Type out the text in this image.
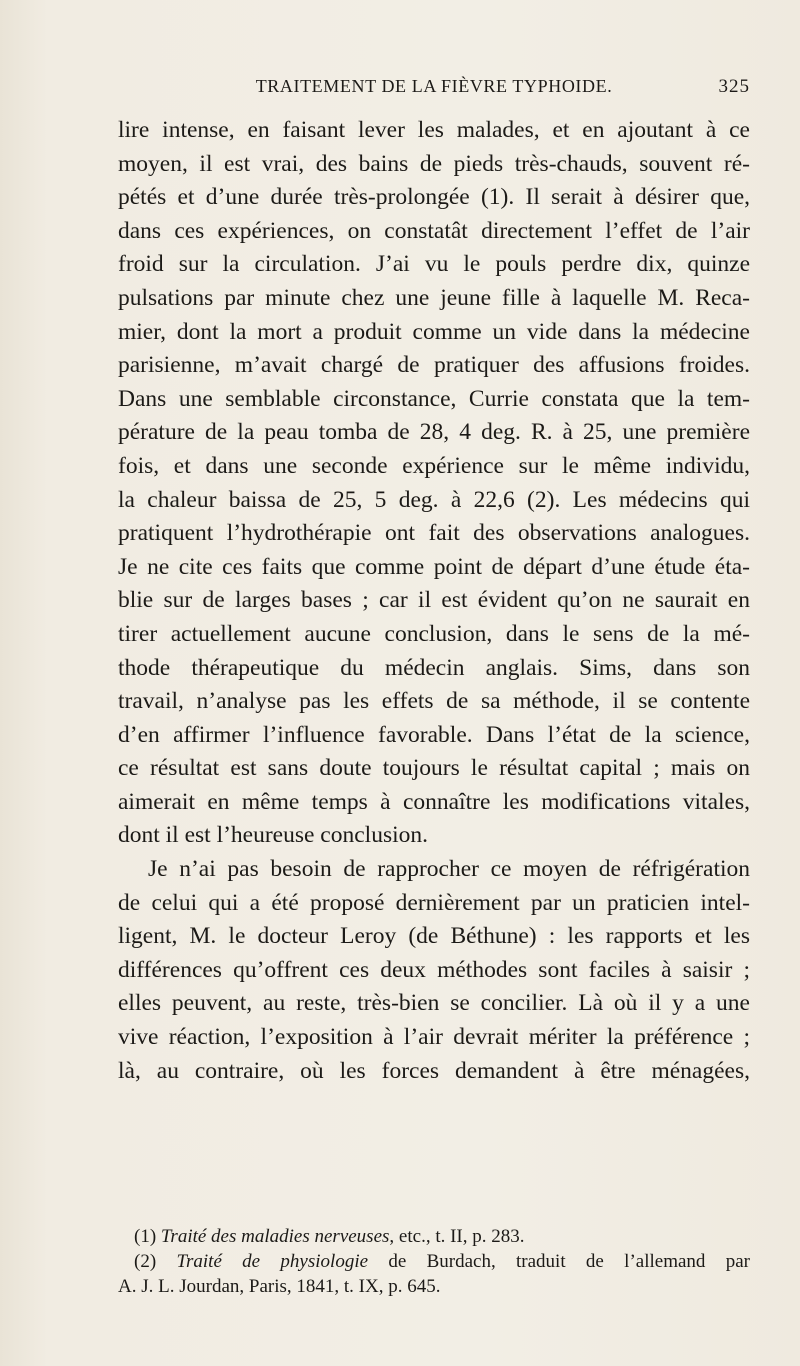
TRAITEMENT DE LA FIÈVRE TYPHOIDE.	325
lire intense, en faisant lever les malades, et en ajoutant à ce
moyen, il est vrai, des bains de pieds très-chauds, souvent ré-
pétés et d’une durée très-prolongée (1). Il serait à désirer que,
dans ces expériences, on constatât directement l’effet de l’air
froid sur la circulation. J’ai vu le pouls perdre dix, quinze
pulsations par minute chez une jeune fille à laquelle M. Reca-
mier, dont la mort a produit comme un vide dans la médecine
parisienne, m’avait chargé de pratiquer des affusions froides.
Dans une semblable circonstance, Currie constata que la tem-
pérature de la peau tomba de 28, 4 deg. R. à 25, une première
fois, et dans une seconde expérience sur le même individu,
la chaleur baissa de 25, 5 deg. à 22,6 (2). Les médecins qui
pratiquent l’hydrothérapie ont fait des observations analogues.
Je ne cite ces faits que comme point de départ d’une étude éta-
blie sur de larges bases ; car il est évident qu’on ne saurait en
tirer actuellement aucune conclusion, dans le sens de la mé-
thode thérapeutique du médecin anglais. Sims, dans son
travail, n’analyse pas les effets de sa méthode, il se contente
d’en affirmer l’influence favorable. Dans l’état de la science,
ce résultat est sans doute toujours le résultat capital ; mais on
aimerait en même temps à connaître les modifications vitales,
dont il est l’heureuse conclusion.
Je n’ai pas besoin de rapprocher ce moyen de réfrigération
de celui qui a été proposé dernièrement par un praticien intel-
ligent, M. le docteur Leroy (de Béthune) : les rapports et les
différences qu’offrent ces deux méthodes sont faciles à saisir ;
elles peuvent, au reste, très-bien se concilier. Là où il y a une
vive réaction, l’exposition à l’air devrait mériter la préférence ;
là, au contraire, où les forces demandent à être ménagées,
(1) Traité des maladies nerveuses, etc., t. II, p. 283.
(2) Traité de physiologie de Burdach, traduit de l’allemand par
A. J. L. Jourdan, Paris, 1841, t. IX, p. 645.
